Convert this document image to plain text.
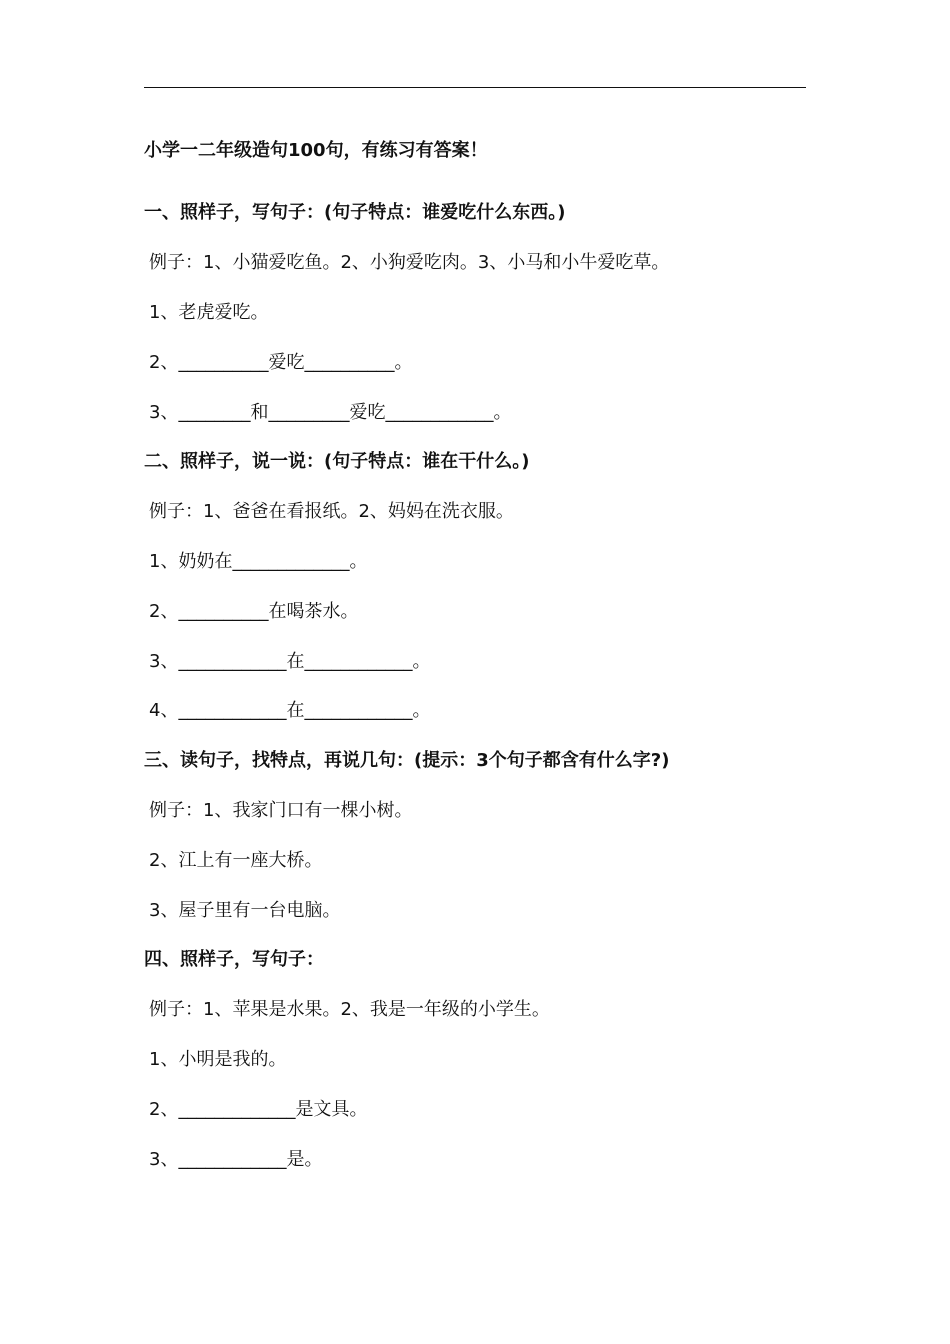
小学一二年级造句100句，有练习有答案！
一、照样子，写句子：(句子特点：谁爱吃什么东西。)
例子：1、小猫爱吃鱼。2、小狗爱吃肉。3、小马和小牛爱吃草。
1、老虎爱吃。
2、__________爱吃__________。
3、________和_________爱吃____________。
二、照样子，说一说：(句子特点：谁在干什么。)
例子：1、爸爸在看报纸。2、妈妈在洗衣服。
1、奶奶在_____________。
2、__________在喝茶水。
3、____________在____________。
4、____________在____________。
三、读句子，找特点，再说几句：(提示：3个句子都含有什么字?)
例子：1、我家门口有一棵小树。
2、江上有一座大桥。
3、屋子里有一台电脑。
四、照样子，写句子：
例子：1、苹果是水果。2、我是一年级的小学生。
1、小明是我的。
2、_____________是文具。
3、____________是。
